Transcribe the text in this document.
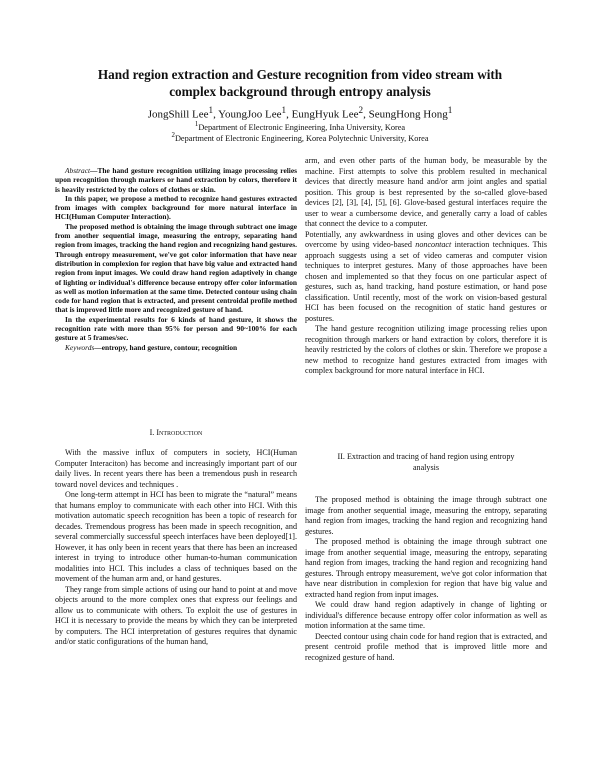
Hand region extraction and Gesture recognition from video stream with
complex background through entropy analysis
JongShill Lee$^1$, YoungJoo Lee$^1$, EungHyuk Lee$^2$, SeungHong Hong$^1$
$^1$Department of Electronic Engineering, Inha University, Korea
$^2$Department of Electronic Engineering, Korea Polytechnic University, Korea

Abstract—The hand gesture recognition utilizing image processing relies upon recognition through markers or hand extraction by colors, therefore it is heavily restricted by the colors of clothes or skin.

In this paper, we propose a method to recognize hand gestures extracted from images with complex background for more natural interface in HCI(Human Computer Interaction).

The proposed method is obtaining the image through subtract one image from another sequential image, measuring the entropy, separating hand region from images, tracking the hand region and recognizing hand gestures. Through entropy measurement, we've got color information that have near distribution in complexion for region that have big value and extracted hand region from input images. We could draw hand region adaptively in change of lighting or individual's difference because entropy offer color information as well as motion information at the same time. Detected contour using chain code for hand region that is extracted, and present centroidal profile method that is improved little more and recognized gesture of hand.

In the experimental results for 6 kinds of hand gesture, it shows the recognition rate with more than 95% for person and 90~100% for each gesture at 5 frames/sec.

Keywords—entropy, hand gesture, contour, recognition

I. Introduction

With the massive influx of computers in society, HCI(Human Computer Interaciton) has become and increasingly important part of our daily lives. In recent years there has been a tremendous push in research toward novel devices and techniques .

One long-term attempt in HCI has been to migrate the “natural” means that humans employ to communicate with each other into HCI. With this motivation automatic speech recognition has been a topic of research for decades. Tremendous progress has been made in speech recognition, and several commercially successful speech interfaces have been deployed[1]. However, it has only been in recent years that there has been an increased interest in trying to introduce other human-to-human communication modalities into HCI. This includes a class of techniques based on the movement of the human arm and, or hand gestures.

They range from simple actions of using our hand to point at and move objects around to the more complex ones that express our feelings and allow us to communicate with others. To exploit the use of gestures in HCI it is necessary to provide the means by which they can be interpreted by computers. The HCI interpretation of gestures requires that dynamic and/or static configurations of the human hand,

arm, and even other parts of the human body, be measurable by the machine. First attempts to solve this problem resulted in mechanical devices that directly measure hand and/or arm joint angles and spatial position. This group is best represented by the so-called glove-based devices [2], [3], [4], [5], [6]. Glove-based gestural interfaces require the user to wear a cumbersome device, and generally carry a load of cables that connect the device to a computer.

Potentially, any awkwardness in using gloves and other devices can be overcome by using video-based noncontact interaction techniques. This approach suggests using a set of video cameras and computer vision techniques to interpret gestures. Many of those approaches have been chosen and implemented so that they focus on one particular aspect of gestures, such as, hand tracking, hand posture estimation, or hand pose classification. Until recently, most of the work on vision-based gestural HCI has been focused on the recognition of static hand gestures or postures.

The hand gesture recognition utilizing image processing relies upon recognition through markers or hand extraction by colors, therefore it is heavily restricted by the colors of clothes or skin. Therefore we propose a new method to recognize hand gestures extracted from images with complex background for more natural interface in HCI.

II. Extraction and tracing of hand region using entropy
analysis

The proposed method is obtaining the image through subtract one image from another sequential image, measuring the entropy, separating hand region from images, tracking the hand region and recognizing hand gestures.

The proposed method is obtaining the image through subtract one image from another sequential image, measuring the entropy, separating hand region from images, tracking the hand region and recognizing hand gestures. Through entropy measurement, we've got color information that have near distribution in complexion for region that have big value and extracted hand region from input images.

We could draw hand region adaptively in change of lighting or individual's difference because entropy offer color information as well as motion information at the same time.

Deected contour using chain code for hand region that is extracted, and present centroid profile method that is improved little more and recognized gesture of hand.
